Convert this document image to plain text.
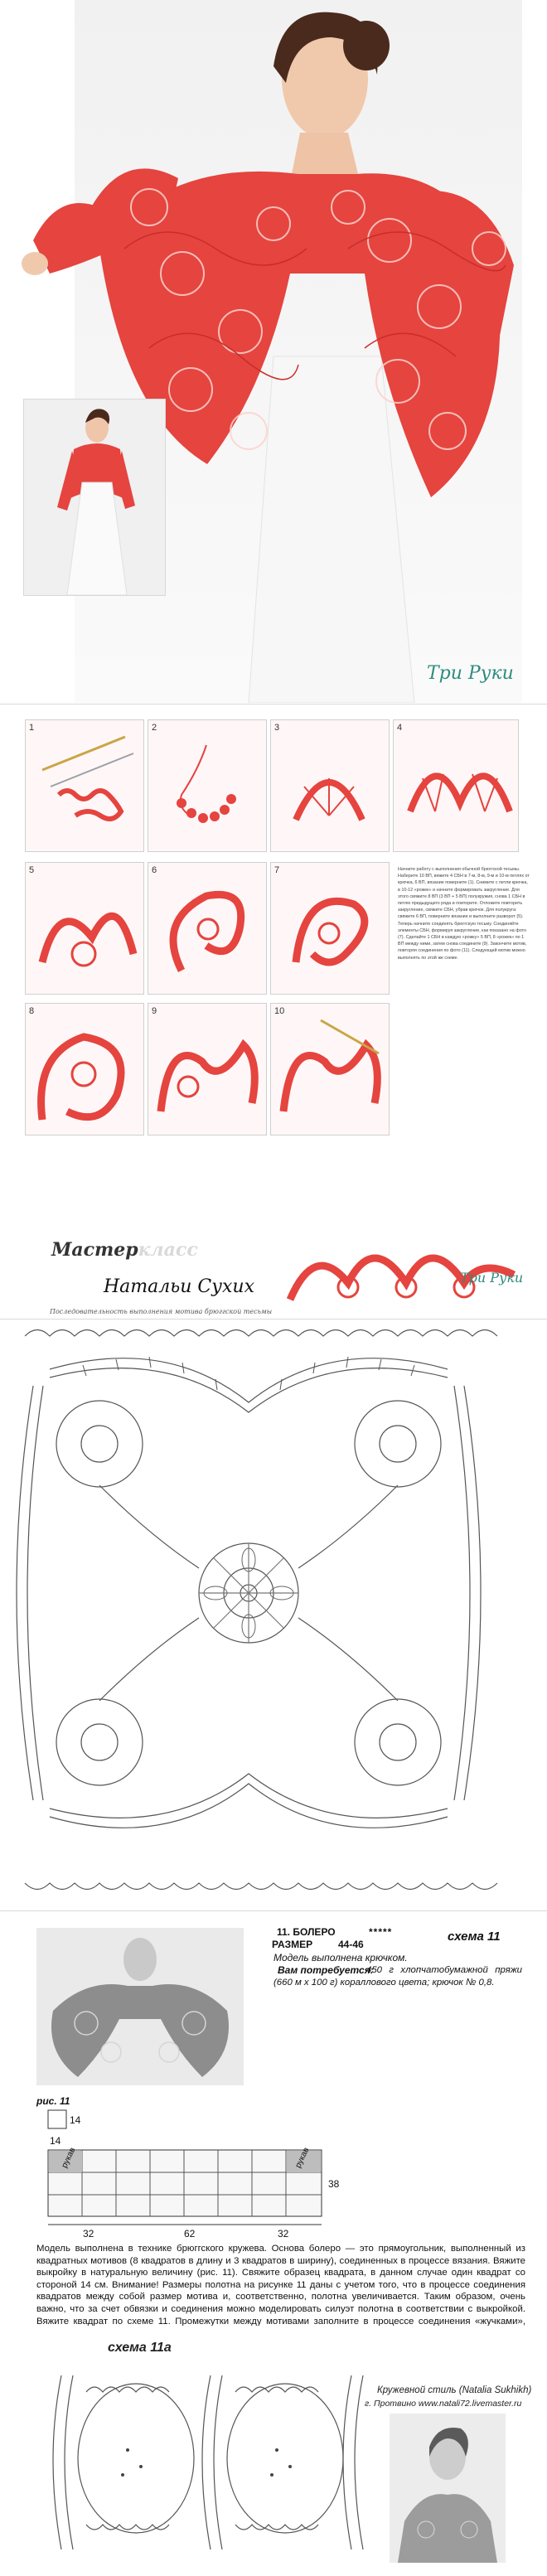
Три Руки
1	2	3	4
5	6	7
8	9	10
Начните работу с выполнения обычной брюггской тесьмы. Наберите 10 ВП, вяжите 4 СБН в 7-м, 8-м, 9-м и 10-м петлях от крючка, 6 ВП, вязание поверните (1). Снимите с петли крючка, в 10-12 «рожек» и начните формировать закругление. Для этого свяжите 8 ВП (3 ВП + 5 ВП) полукружия, снова 1 СБН в петлю предыдущего ряда и повторите. Отложите повторить закругление, свяжите СБН, убрав крючок. Для полукруга: свяжите 6 ВП, поверните вязание и выполните разворот (5). Теперь начните соединять брюггскую тесьму. Соединяйте элементы СБН, формируя закругление, как показано на фото (7). Сделайте 1 СБН в каждую «рожку» 5 ВП, 8 «рожек» по 1 ВП между ними, затем снова соедините (9). Закончите мотив, повторяя соединения по фото (11). Следующий мотив можно выполнять по этой же схеме.
Мастеркласс
Натальи Сухих
Последовательность выполнения мотива брюггской тесьмы
Три Руки
11. БОЛЕРО	*****
РАЗМЕР	44-46
схема 11
Модель выполнена крючком.
Вам потребуется:
450 г хлопчатобумажной пряжи (660 м x 100 г) кораллового цвета; крючок № 0,8.
рис. 11
14
14
рукав	рукав
38
32	62	32
Модель выполнена в технике брюггского кружева. Основа болеро — это прямоугольник, выполненный из квадратных мотивов (8 квадратов в длину и 3 квадратов в ширину), соединенных в процессе вязания. Вяжите выкройку в натуральную величину (рис. 11). Свяжите образец квадрата, в данном случае один квадрат со стороной 14 см. Внимание! Размеры полотна на рисунке 11 даны с учетом того, что в процессе соединения квадратов между собой размер мотива и, соответственно, полотна увеличивается. Таким образом, очень важно, что за счет обвязки и соединения можно моделировать силуэт полотна в соответствии с выкройкой. Вяжите квадрат по схеме 11. Промежутки между мотивами заполните в процессе соединения «жучками»,
схема 11а
Кружевной стиль (Natalia Sukhikh)
г. Протвино www.natali72.livemaster.ru
